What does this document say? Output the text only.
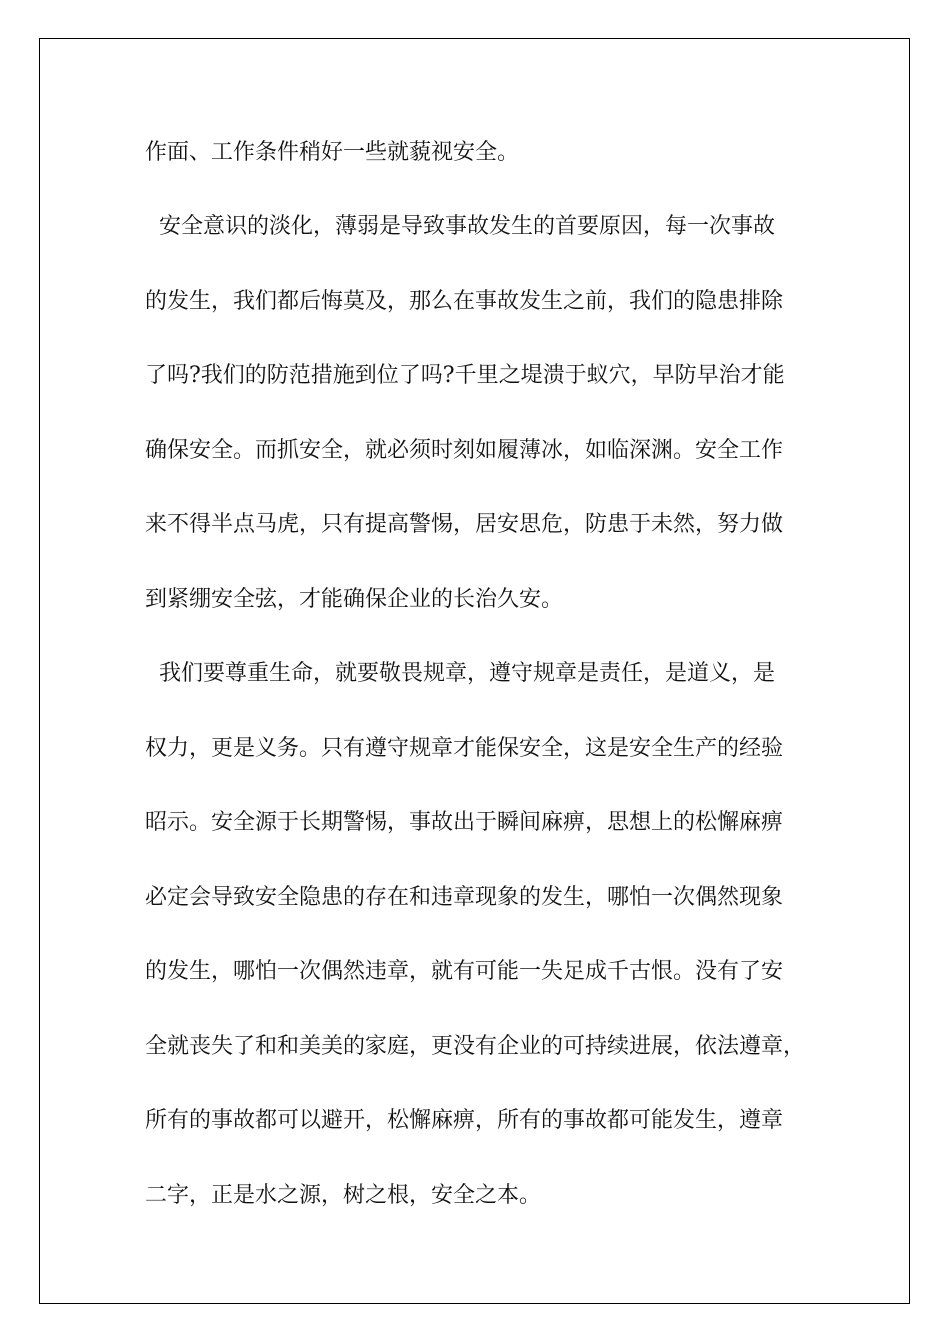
作面、工作条件稍好一些就藐视安全。

安全意识的淡化，薄弱是导致事故发生的首要原因，每一次事故

的发生，我们都后悔莫及，那么在事故发生之前，我们的隐患排除

了吗?我们的防范措施到位了吗?千里之堤溃于蚁穴，早防早治才能

确保安全。而抓安全，就必须时刻如履薄冰，如临深渊。安全工作

来不得半点马虎，只有提高警惕，居安思危，防患于未然，努力做

到紧绷安全弦，才能确保企业的长治久安。

我们要尊重生命，就要敬畏规章，遵守规章是责任，是道义，是

权力，更是义务。只有遵守规章才能保安全，这是安全生产的经验

昭示。安全源于长期警惕，事故出于瞬间麻痹，思想上的松懈麻痹

必定会导致安全隐患的存在和违章现象的发生，哪怕一次偶然现象

的发生，哪怕一次偶然违章，就有可能一失足成千古恨。没有了安

全就丧失了和和美美的家庭，更没有企业的可持续进展，依法遵章，

所有的事故都可以避开，松懈麻痹，所有的事故都可能发生，遵章

二字，正是水之源，树之根，安全之本。
